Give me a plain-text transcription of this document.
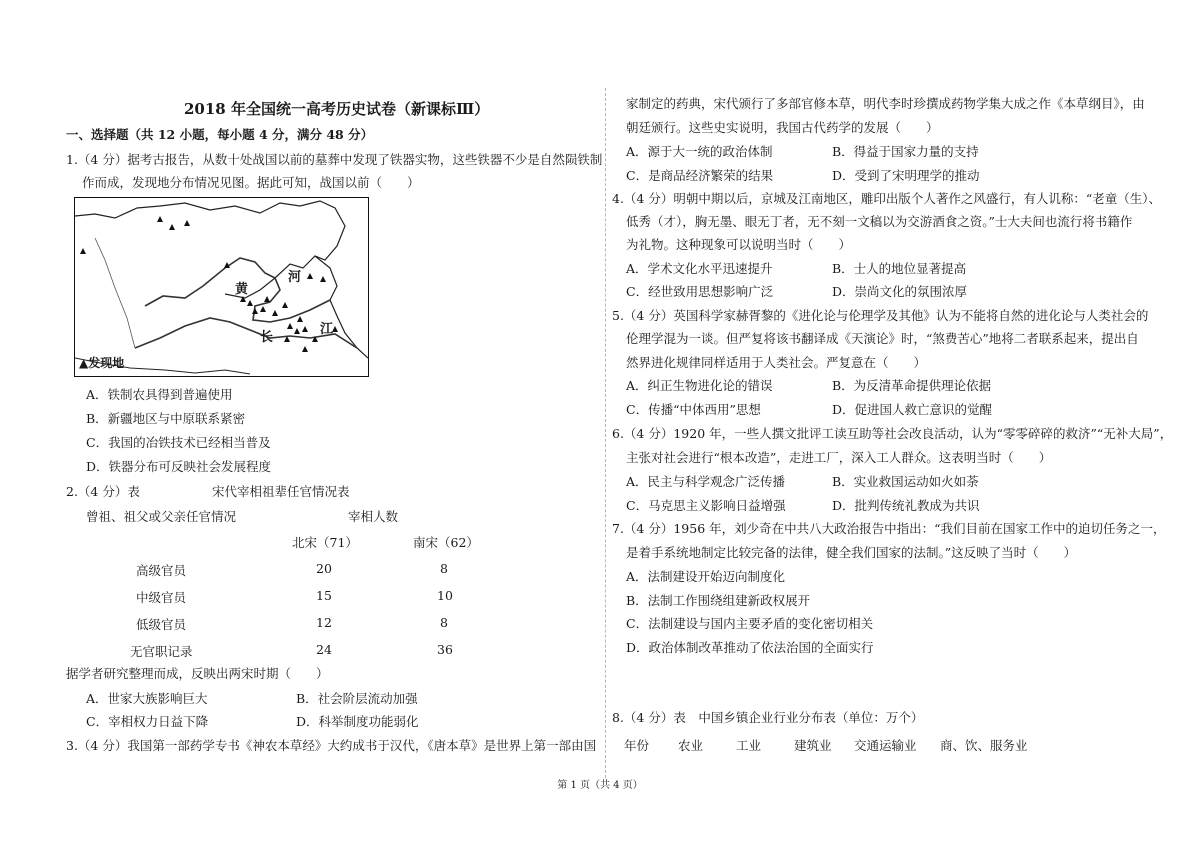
2018 年全国统一高考历史试卷（新课标Ⅲ）
一、选择题（共 12 小题，每小题 4 分，满分 48 分）
1.（4 分）据考古报告，从数十处战国以前的墓葬中发现了铁器实物，这些铁器不少是自然陨铁制
作而成，发现地分布情况见图。据此可知，战国以前（　　）
河
黄
长
江
▲发现地
A．铁制农具得到普遍使用
B．新疆地区与中原联系紧密
C．我国的冶铁技术已经相当普及
D．铁器分布可反映社会发展程度
2.（4 分）表	宋代宰相祖辈任官情况表
曾祖、祖父或父亲任官情况	宰相人数
北宋（71）	南宋（62）
高级官员	20	8
中级官员	15	10
低级官员	12	8
无官职记录	24	36
据学者研究整理而成，反映出两宋时期（　　）
A．世家大族影响巨大	B．社会阶层流动加强
C．宰相权力日益下降	D．科举制度功能弱化
3.（4 分）我国第一部药学专书《神农本草经》大约成书于汉代，《唐本草》是世界上第一部由国
家制定的药典，宋代颁行了多部官修本草，明代李时珍撰成药物学集大成之作《本草纲目》，由
朝廷颁行。这些史实说明，我国古代药学的发展（　　）
A．源于大一统的政治体制	B．得益于国家力量的支持
C．是商品经济繁荣的结果	D．受到了宋明理学的推动
4.（4 分）明朝中期以后，京城及江南地区，雕印出版个人著作之风盛行，有人讥称：“老童（生）、
低秀（才），胸无墨、眼无丁者，无不刻一文稿以为交游酒食之资。”士大夫间也流行将书籍作
为礼物。这种现象可以说明当时（　　）
A．学术文化水平迅速提升	B．士人的地位显著提高
C．经世致用思想影响广泛	D．崇尚文化的氛围浓厚
5.（4 分）英国科学家赫胥黎的《进化论与伦理学及其他》认为不能将自然的进化论与人类社会的
伦理学混为一谈。但严复将该书翻译成《天演论》时，“煞费苦心”地将二者联系起来，提出自
然界进化规律同样适用于人类社会。严复意在（　　）
A．纠正生物进化论的错误	B．为反清革命提供理论依据
C．传播“中体西用”思想	D．促进国人救亡意识的觉醒
6.（4 分）1920 年，一些人撰文批评工读互助等社会改良活动，认为“零零碎碎的救济”“无补大局”，
主张对社会进行“根本改造”，走进工厂，深入工人群众。这表明当时（　　）
A．民主与科学观念广泛传播	B．实业救国运动如火如荼
C．马克思主义影响日益增强	D．批判传统礼教成为共识
7.（4 分）1956 年，刘少奇在中共八大政治报告中指出：“我们目前在国家工作中的迫切任务之一，
是着手系统地制定比较完备的法律，健全我们国家的法制。”这反映了当时（　　）
A．法制建设开始迈向制度化
B．法制工作围绕组建新政权展开
C．法制建设与国内主要矛盾的变化密切相关
D．政治体制改革推动了依法治国的全面实行
8.（4 分）表　中国乡镇企业行业分布表（单位：万个）
年份 农业	工业	建筑业 交通运输业 商、饮、服务业
第 1 页（共 4 页）
